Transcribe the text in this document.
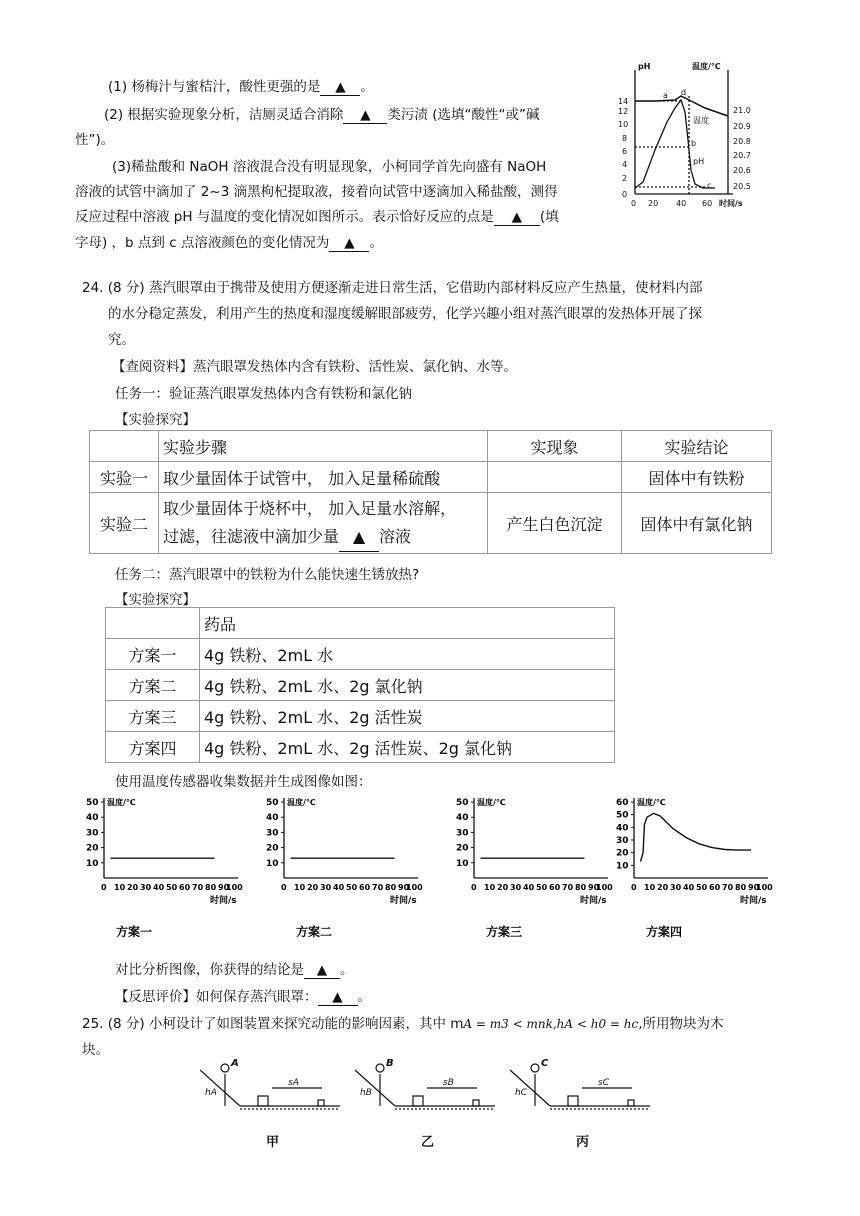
(1) 杨梅汁与蜜桔汁，酸性更强的是 ▲ 。
(2) 根据实验现象分析，洁厕灵适合消除 ▲ 类污渍 (选填“酸性“或”碱
性”)。
(3)稀盐酸和 NaOH 溶液混合没有明显现象，小柯同学首先向盛有 NaOH
溶液的试管中滴加了 2~3 滴黑枸杞提取液，接着向试管中逐滴加入稀盐酸，测得
反应过程中溶液 pH 与温度的变化情况如图所示。表示恰好反应的点是 ▲ (填
字母) ，b 点到 c 点溶液颜色的变化情况为 ▲ 。
pH	温度/℃
0
2
4
6
8
10
12
14
20.5
20.6
20.7
20.8
20.9
21.0
0 20 40 60 时间/s
a
b
c
d
温度
pH
24. (8 分) 蒸汽眼罩由于携带及使用方便逐渐走进日常生活，它借助内部材料反应产生热量，使材料内部
的水分稳定蒸发，利用产生的热度和湿度缓解眼部疲劳，化学兴趣小组对蒸汽眼罩的发热体开展了探
究。
【查阅资料】蒸汽眼罩发热体内含有铁粉、活性炭、氯化钠、水等。
任务一：验证蒸汽眼罩发热体内含有铁粉和氯化钠
【实验探究】
	实验步骤	实现象	实验结论
实验一	取少量固体于试管中， 加入足量稀硫酸		固体中有铁粉
实验二	取少量固体于烧杯中， 加入足量水溶解，
过滤，往滤液中滴加少量 ▲ 溶液	产生白色沉淀	固体中有氯化钠
任务二：蒸汽眼罩中的铁粉为什么能快速生锈放热?
【实验探究】
	药品
方案一	4g 铁粉、2mL 水
方案二	4g 铁粉、2mL 水、2g 氯化钠
方案三	4g 铁粉、2mL 水、2g 活性炭
方案四	4g 铁粉、2mL 水、2g 活性炭、2g 氯化钠
使用温度传感器收集数据并生成图像如图：
温度/℃
10
20
30
40
50
0 10 20 30 40 50 60 70 80 90
100
时间/s
方案一
温度/℃
10
20
30
40
50
0 10 20 30 40 50 60 70 80 90
100
时间/s
方案二
温度/℃
10
20
30
40
50
0 10 20 30 40 50 60 70 80 90
100
时间/s
方案三
温度/℃
10
20
30
40
50
60
0 10 20 30 40 50 60 70 80 90
100
时间/s
方案四
对比分析图像，你获得的结论是 ▲ 。
【反思评价】如何保存蒸汽眼罩： ▲ 。
25. (8 分) 小柯设计了如图装置来探究动能的影响因素，其中 mA = m3 < mnk,ℎA < ℎ0 = ℎc,所用物块为木
块。
A
hA
sA
甲
B
hB
sB
乙
C
hC
sC
丙
